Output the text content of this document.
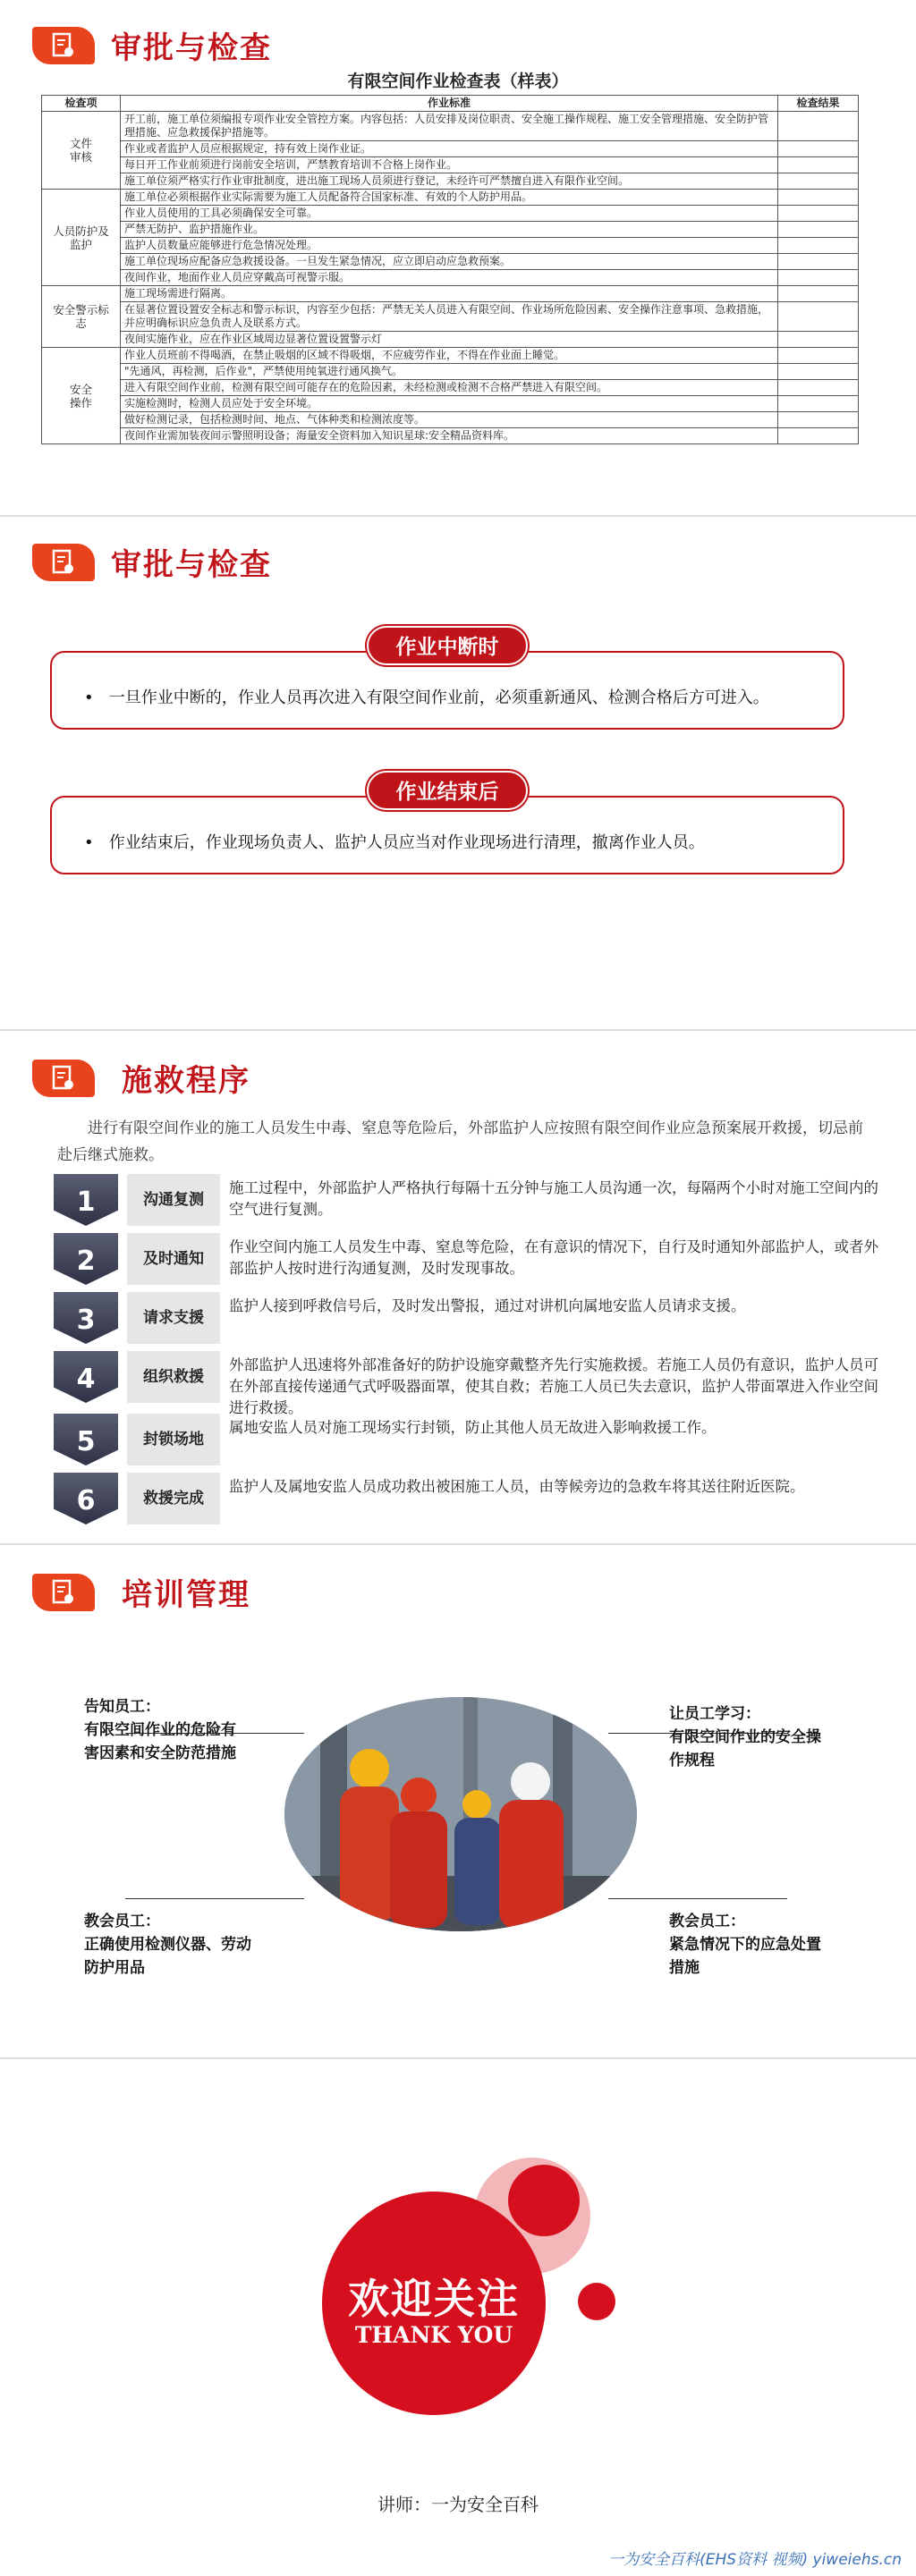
审批与检查
有限空间作业检查表（样表）
检查项	作业标准	检查结果
文件
审核	开工前，施工单位须编报专项作业安全管控方案。内容包括：人员安排及岗位职责、安全施工操作规程、施工安全管理措施、安全防护管理措施、应急救援保护措施等。	
	作业或者监护人员应根据规定，持有效上岗作业证。	
	每日开工作业前须进行岗前安全培训，严禁教育培训不合格上岗作业。	
	施工单位须严格实行作业审批制度，进出施工现场人员须进行登记，未经许可严禁擅自进入有限作业空间。	
人员防护及
监护	施工单位必须根据作业实际需要为施工人员配备符合国家标准、有效的个人防护用品。	
	作业人员使用的工具必须确保安全可靠。	
	严禁无防护、监护措施作业。	
	监护人员数量应能够进行危急情况处理。	
	施工单位现场应配备应急救援设备。一旦发生紧急情况，应立即启动应急救预案。	
	夜间作业，地面作业人员应穿戴高可视警示服。	
安全警示标
志	施工现场需进行隔离。	
	在显著位置设置安全标志和警示标识，内容至少包括：严禁无关人员进入有限空间、作业场所危险因素、安全操作注意事项、急救措施，并应明确标识应急负责人及联系方式。	
	夜间实施作业，应在作业区域周边显著位置设置警示灯	
安全
操作	作业人员班前不得喝酒，在禁止吸烟的区域不得吸烟，不应疲劳作业，不得在作业面上睡觉。	
	"先通风，再检测，后作业"，严禁使用纯氧进行通风换气。	
	进入有限空间作业前，检测有限空间可能存在的危险因素，未经检测或检测不合格严禁进入有限空间。	
	实施检测时，检测人员应处于安全环境。	
	做好检测记录，包括检测时间、地点、气体种类和检测浓度等。	
	夜间作业需加装夜间示警照明设备；海量安全资料加入知识星球:安全精品资料库。	
审批与检查
• 一旦作业中断的，作业人员再次进入有限空间作业前，必须重新通风、检测合格后方可进入。
作业中断时
• 作业结束后，作业现场负责人、监护人员应当对作业现场进行清理，撤离作业人员。
作业结束后
施救程序
进行有限空间作业的施工人员发生中毒、窒息等危险后，外部监护人应按照有限空间作业应急预案展开救援，切忌前赴后继式施救。
1	沟通复测
施工过程中，外部监护人严格执行每隔十五分钟与施工人员沟通一次，每隔两个小时对施工空间内的空气进行复测。
2	及时通知
作业空间内施工人员发生中毒、窒息等危险，在有意识的情况下，自行及时通知外部监护人，或者外部监护人按时进行沟通复测，及时发现事故。
3	请求支援
监护人接到呼救信号后，及时发出警报，通过对讲机向属地安监人员请求支援。
4	组织救援
外部监护人迅速将外部准备好的防护设施穿戴整齐先行实施救援。若施工人员仍有意识，监护人员可在外部直接传递通气式呼吸器面罩，使其自救；若施工人员已失去意识，监护人带面罩进入作业空间进行救援。
5	封锁场地
属地安监人员对施工现场实行封锁，防止其他人员无故进入影响救援工作。
6	救援完成
监护人及属地安监人员成功救出被困施工人员，由等候旁边的急救车将其送往附近医院。
培训管理
告知员工：
有限空间作业的危险有
害因素和安全防范措施
让员工学习：
有限空间作业的安全操
作规程
教会员工：
正确使用检测仪器、劳动
防护用品
教会员工：
紧急情况下的应急处置
措施
欢迎关注
THANK YOU
讲师：一为安全百科
一为安全百科(EHS资料 视频) yiweiehs.cn
